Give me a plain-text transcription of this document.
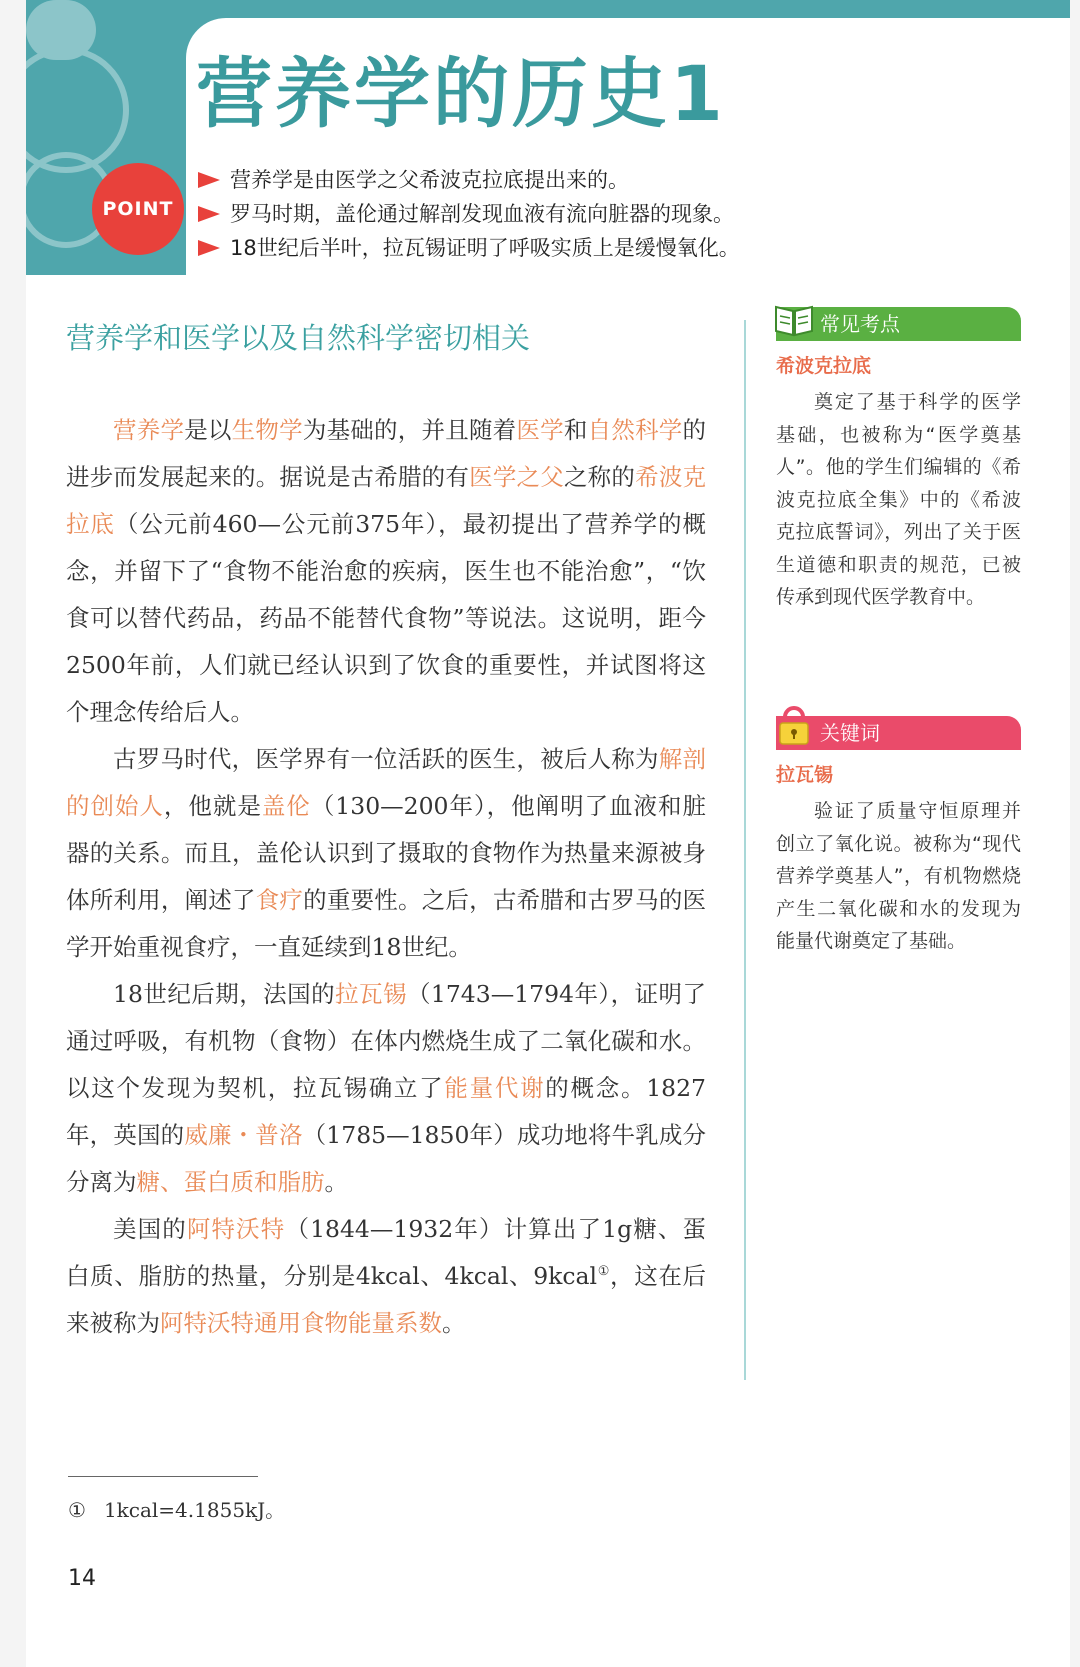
营养学的历史1
POINT
营养学是由医学之父希波克拉底提出来的。
罗马时期，盖伦通过解剖发现血液有流向脏器的现象。
18世纪后半叶，拉瓦锡证明了呼吸实质上是缓慢氧化。
营养学和医学以及自然科学密切相关

营养学是以生物学为基础的，并且随着医学和自然科学的进步而发展起来的。据说是古希腊的有医学之父之称的希波克拉底（公元前460—公元前375年），最初提出了营养学的概念，并留下了“食物不能治愈的疾病，医生也不能治愈”，“饮食可以替代药品，药品不能替代食物”等说法。这说明，距今2500年前，人们就已经认识到了饮食的重要性，并试图将这个理念传给后人。

古罗马时代，医学界有一位活跃的医生，被后人称为解剖的创始人，他就是盖伦（130—200年），他阐明了血液和脏器的关系。而且，盖伦认识到了摄取的食物作为热量来源被身体所利用，阐述了食疗的重要性。之后，古希腊和古罗马的医学开始重视食疗，一直延续到18世纪。

18世纪后期，法国的拉瓦锡（1743—1794年），证明了通过呼吸，有机物（食物）在体内燃烧生成了二氧化碳和水。以这个发现为契机，拉瓦锡确立了能量代谢的概念。1827年，英国的威廉・普洛（1785—1850年）成功地将牛乳成分分离为糖、蛋白质和脂肪。

美国的阿特沃特（1844—1932年）计算出了1g糖、蛋白质、脂肪的热量，分别是4kcal、4kcal、9kcal①，这在后来被称为阿特沃特通用食物能量系数。

① 1kcal=4.1855kJ。
14
常见考点

希波克拉底

奠定了基于科学的医学基础，也被称为“医学奠基人”。他的学生们编辑的《希波克拉底全集》中的《希波克拉底誓词》，列出了关于医生道德和职责的规范，已被传承到现代医学教育中。

关键词

拉瓦锡

验证了质量守恒原理并创立了氧化说。被称为“现代营养学奠基人”，有机物燃烧产生二氧化碳和水的发现为能量代谢奠定了基础。
